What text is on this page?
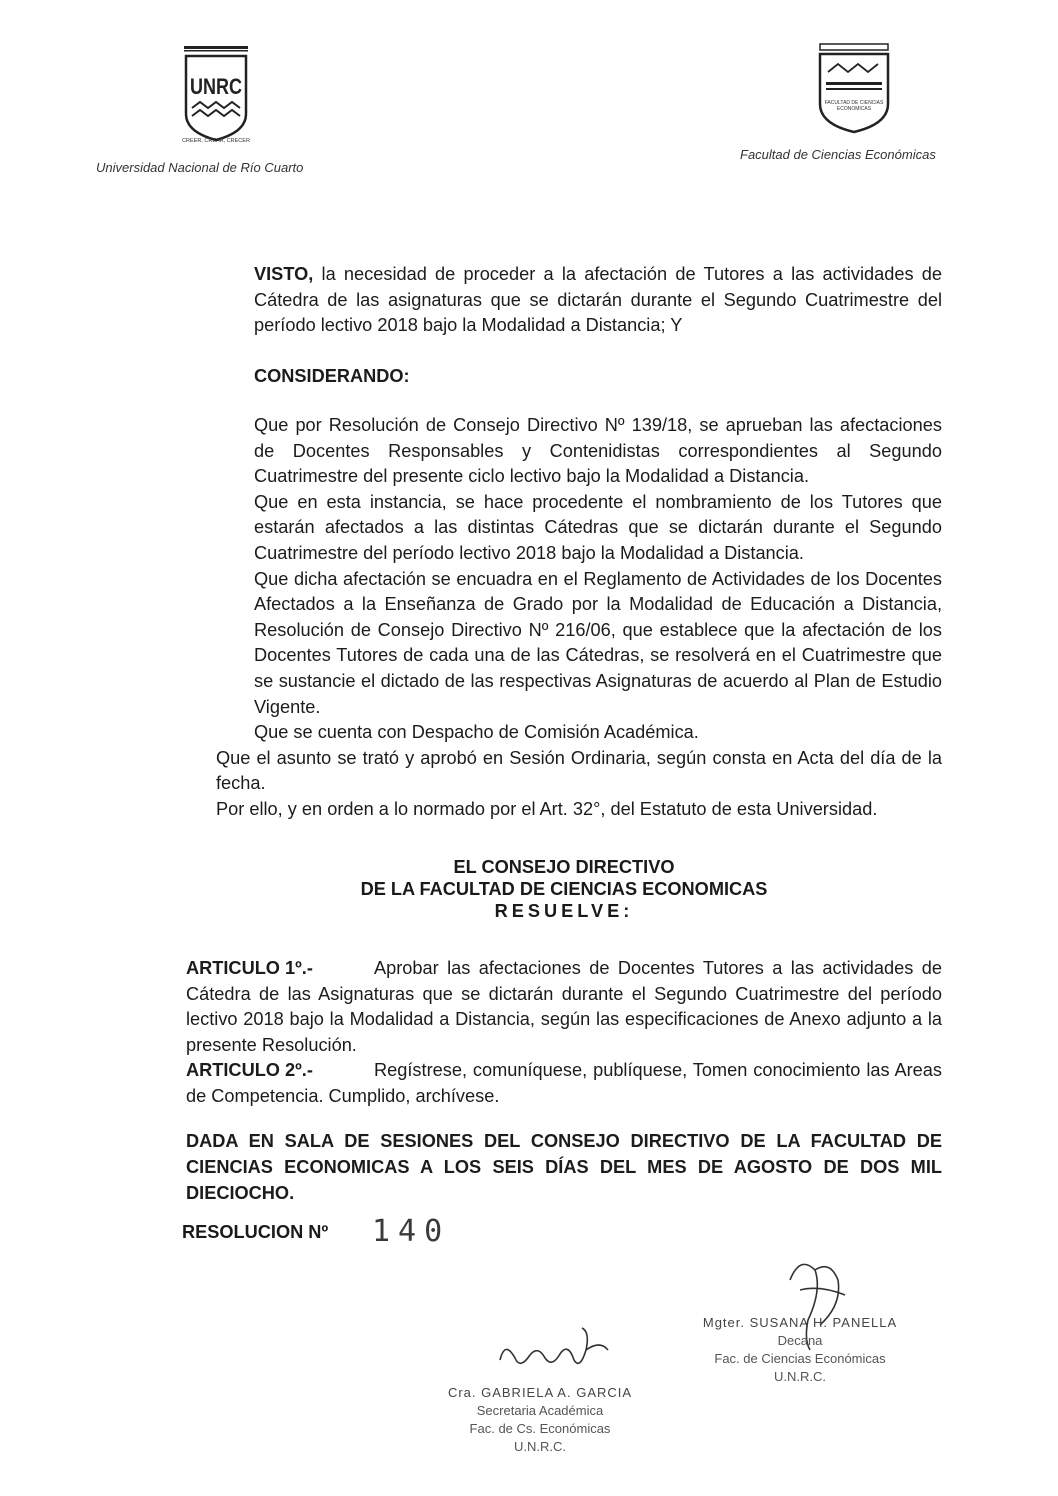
UNRC
CREER, CREAR, CRECER
FACULTAD DE CIENCIAS ECONOMICAS
Universidad Nacional de Río Cuarto
Facultad de Ciencias Económicas
VISTO, la necesidad de proceder a la afectación de Tutores a las actividades de Cátedra de las asignaturas que se dictarán durante el Segundo Cuatrimestre del período lectivo 2018 bajo la Modalidad a Distancia; Y
CONSIDERANDO:
Que por Resolución de Consejo Directivo Nº 139/18, se aprueban las afectaciones de Docentes Responsables y Contenidistas correspondientes al Segundo Cuatrimestre del presente ciclo lectivo bajo la Modalidad a Distancia.
Que en esta instancia, se hace procedente el nombramiento de los Tutores que estarán afectados a las distintas Cátedras que se dictarán durante el Segundo Cuatrimestre del período lectivo 2018 bajo la Modalidad a Distancia.
Que dicha afectación se encuadra en el Reglamento de Actividades de los Docentes Afectados a la Enseñanza de Grado por la Modalidad de Educación a Distancia, Resolución de Consejo Directivo Nº 216/06, que establece que la afectación de los Docentes Tutores de cada una de las Cátedras, se resolverá en el Cuatrimestre que se sustancie el dictado de las respectivas Asignaturas de acuerdo al Plan de Estudio Vigente.
Que se cuenta con Despacho de Comisión Académica.
Que el asunto se trató y aprobó en Sesión Ordinaria, según consta en Acta del día de la fecha.
Por ello, y en orden a lo normado por el Art. 32°, del Estatuto de esta Universidad.
EL CONSEJO DIRECTIVO
DE LA FACULTAD DE CIENCIAS ECONOMICAS
RESUELVE:
ARTICULO 1º.-	Aprobar las afectaciones de Docentes Tutores a las actividades de Cátedra de las Asignaturas que se dictarán durante el Segundo Cuatrimestre del período lectivo 2018 bajo la Modalidad a Distancia, según las especificaciones de Anexo adjunto a la presente Resolución.
ARTICULO 2º.-	Regístrese, comuníquese, publíquese, Tomen conocimiento las Areas de Competencia. Cumplido, archívese.
DADA EN SALA DE SESIONES DEL CONSEJO DIRECTIVO DE LA FACULTAD DE CIENCIAS ECONOMICAS A LOS SEIS DÍAS DEL MES DE AGOSTO DE DOS MIL DIECIOCHO.
RESOLUCION Nº 140
Mgter. SUSANA H. PANELLA
Decana
Fac. de Ciencias Económicas
U.N.R.C.
Cra. GABRIELA A. GARCIA
Secretaria Académica
Fac. de Cs. Económicas
U.N.R.C.
